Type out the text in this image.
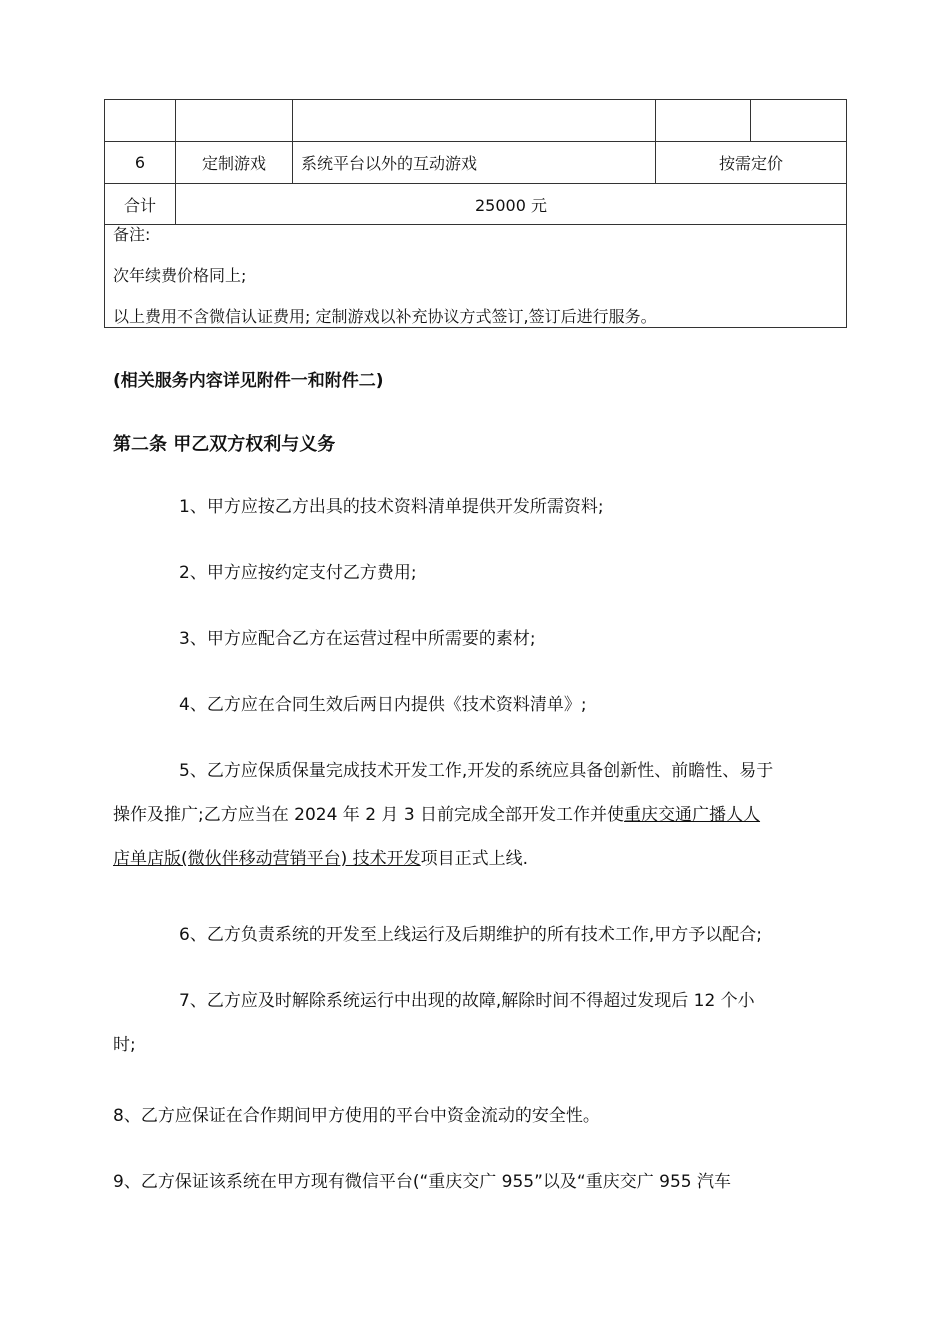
6	定制游戏	系统平台以外的互动游戏	按需定价	
合计	25000 元			

备注:
次年续费价格同上;
以上费用不含微信认证费用; 定制游戏以补充协议方式签订,签订后进行服务。				
(相关服务内容详见附件一和附件二)
第二条 甲乙双方权利与义务
1、甲方应按乙方出具的技术资料清单提供开发所需资料;
2、甲方应按约定支付乙方费用;
3、甲方应配合乙方在运营过程中所需要的素材;
4、乙方应在合同生效后两日内提供《技术资料清单》;
5、乙方应保质保量完成技术开发工作,开发的系统应具备创新性、前瞻性、易于
操作及推广;乙方应当在 2024 年 2 月 3 日前完成全部开发工作并使重庆交通广播人人
店单店版(微伙伴移动营销平台) 技术开发项目正式上线.
6、乙方负责系统的开发至上线运行及后期维护的所有技术工作,甲方予以配合;
7、乙方应及时解除系统运行中出现的故障,解除时间不得超过发现后 12 个小
时;
8、乙方应保证在合作期间甲方使用的平台中资金流动的安全性。
9、乙方保证该系统在甲方现有微信平台(“重庆交广 955”以及“重庆交广 955 汽车
